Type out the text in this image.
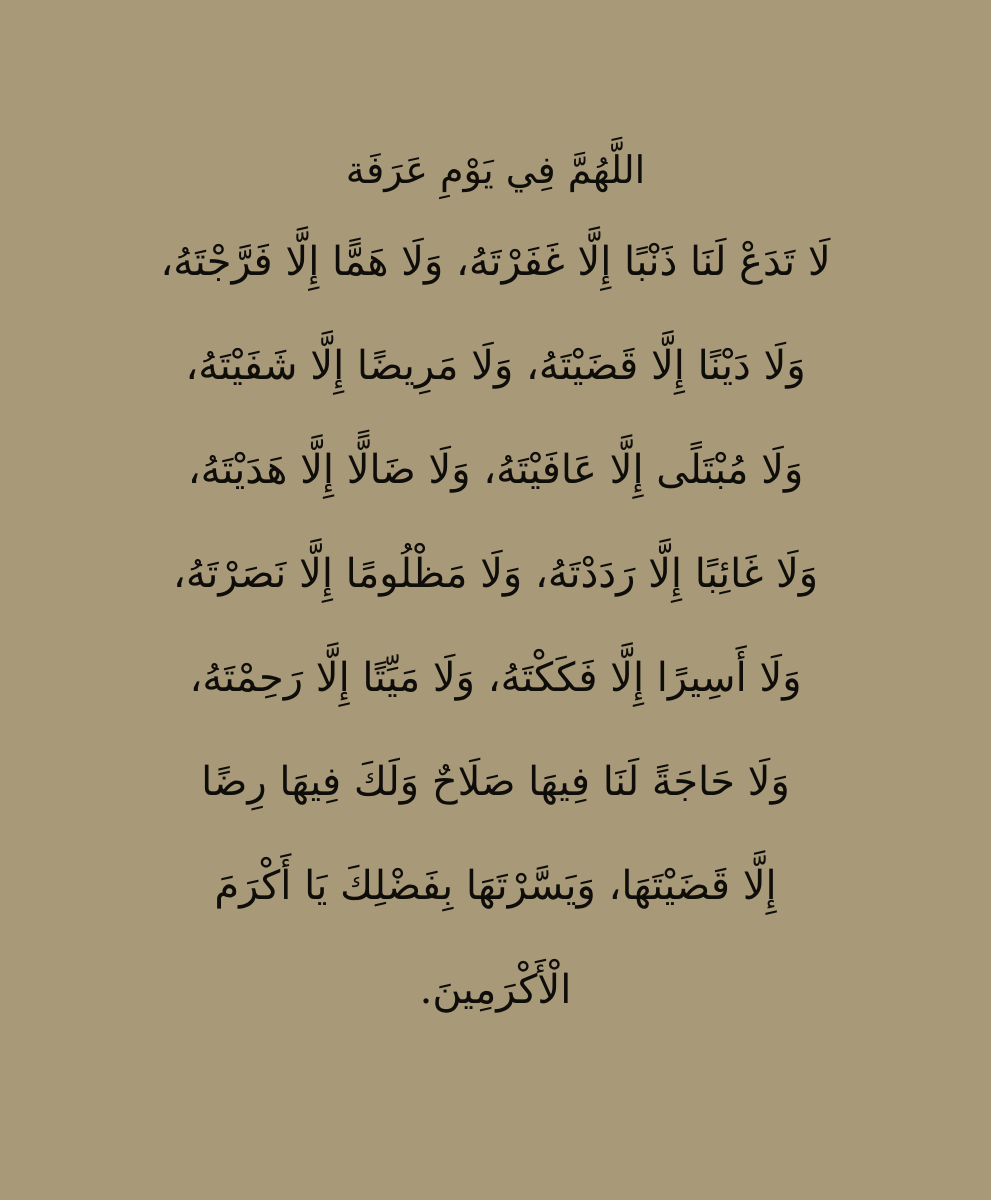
اللَّهُمَّ فِي يَوْمِ عَرَفَة
لَا تَدَعْ لَنَا ذَنْبًا إِلَّا غَفَرْتَهُ، وَلَا هَمًّا إِلَّا فَرَّجْتَهُ،
وَلَا دَيْنًا إِلَّا قَضَيْتَهُ، وَلَا مَرِيضًا إِلَّا شَفَيْتَهُ،
وَلَا مُبْتَلًى إِلَّا عَافَيْتَهُ، وَلَا ضَالًّا إِلَّا هَدَيْتَهُ،
وَلَا غَائِبًا إِلَّا رَدَدْتَهُ، وَلَا مَظْلُومًا إِلَّا نَصَرْتَهُ،
وَلَا أَسِيرًا إِلَّا فَكَكْتَهُ، وَلَا مَيِّتًا إِلَّا رَحِمْتَهُ،
وَلَا حَاجَةً لَنَا فِيهَا صَلَاحٌ وَلَكَ فِيهَا رِضًا
إِلَّا قَضَيْتَهَا، وَيَسَّرْتَهَا بِفَضْلِكَ يَا أَكْرَمَ
الْأَكْرَمِينَ.
